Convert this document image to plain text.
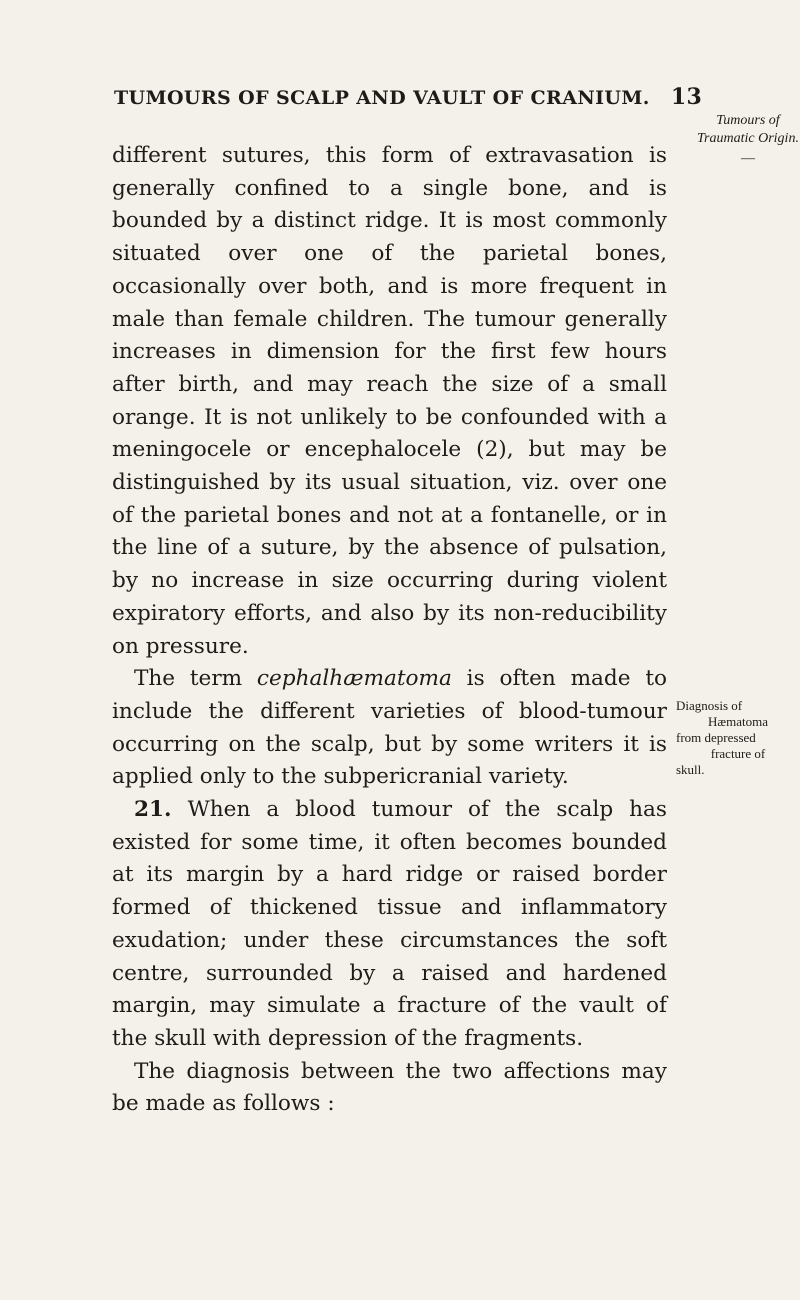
TUMOURS OF SCALP AND VAULT OF CRANIUM. 13
Tumours of
Traumatic Origin.
—

different sutures, this form of extravasation is generally confined to a single bone, and is bounded by a distinct ridge. It is most commonly situated over one of the parietal bones, occasionally over both, and is more frequent in male than female children. The tumour generally increases in dimension for the first few hours after birth, and may reach the size of a small orange. It is not unlikely to be confounded with a meningocele or encephalocele (2), but may be distinguished by its usual situation, viz. over one of the parietal bones and not at a fontanelle, or in the line of a suture, by the absence of pulsation, by no increase in size occurring during violent expiratory efforts, and also by its non-reducibility on pressure.

The term cephalhæmatoma is often made to include the different varieties of blood-tumour occurring on the scalp, but by some writers it is applied only to the subpericranial variety.

21. When a blood tumour of the scalp has existed for some time, it often becomes bounded at its margin by a hard ridge or raised border formed of thickened tissue and inflammatory exudation; under these circumstances the soft centre, surrounded by a raised and hardened margin, may simulate a fracture of the vault of the skull with depression of the fragments.

The diagnosis between the two affections may be made as follows :

Diagnosis of
Hæmatoma
from depressed
fracture of
skull.
